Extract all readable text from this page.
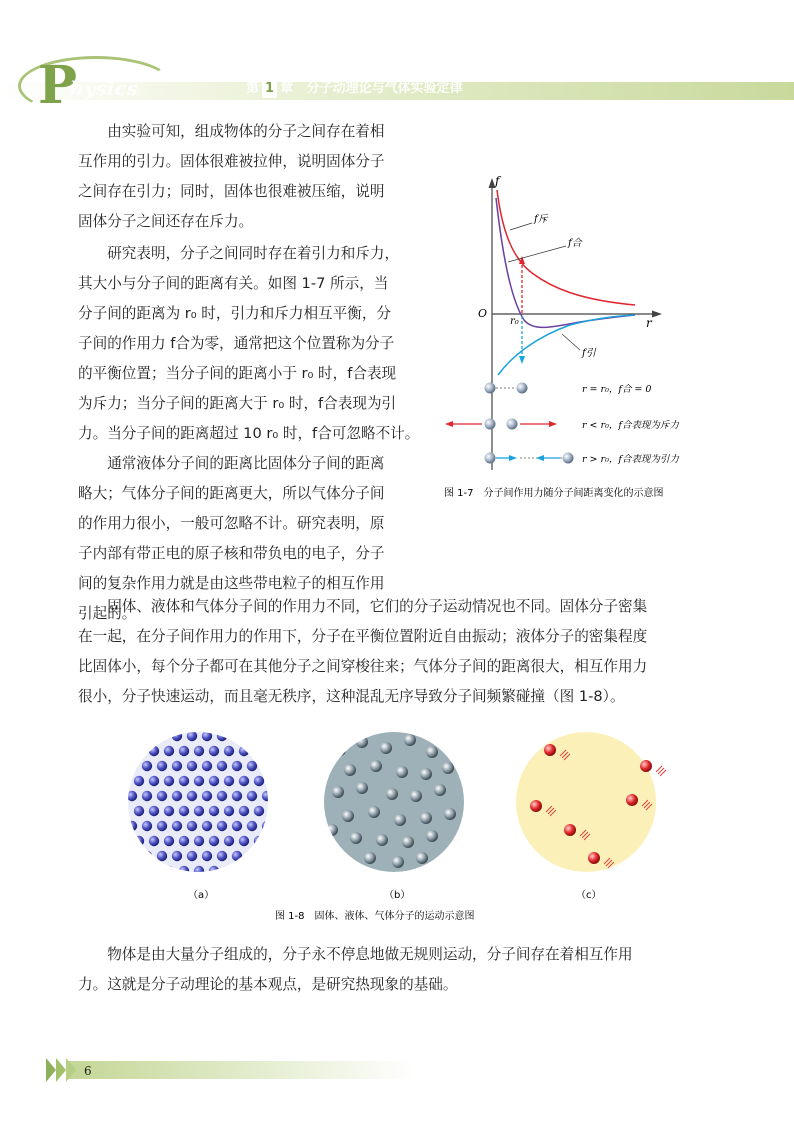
P
hysics	第 1 章 分子动理论与气体实验定律

由实验可知，组成物体的分子之间存在着相
互作用的引力。固体很难被拉伸，说明固体分子
之间存在引力；同时，固体也很难被压缩，说明
固体分子之间还存在斥力。

研究表明，分子之间同时存在着引力和斥力，
其大小与分子间的距离有关。如图 1-7 所示，当
分子间的距离为 r₀ 时，引力和斥力相互平衡，分
子间的作用力 f合为零，通常把这个位置称为分子
的平衡位置；当分子间的距离小于 r₀ 时，f合表现
为斥力；当分子间的距离大于 r₀ 时，f合表现为引
力。当分子间的距离超过 10 r₀ 时，f合可忽略不计。

通常液体分子间的距离比固体分子间的距离
略大；气体分子间的距离更大，所以气体分子间
的作用力很小，一般可忽略不计。研究表明，原
子内部有带正电的原子核和带负电的电子，分子
间的复杂作用力就是由这些带电粒子的相互作用
引起的。

f
r
O
r₀
f斥
f合
f引
r = r₀，f合 = 0
r < r₀，f合表现为斥力
r > r₀，f合表现为引力
图 1-7　分子间作用力随分子间距离变化的示意图

固体、液体和气体分子间的作用力不同，它们的分子运动情况也不同。固体分子密集
在一起，在分子间作用力的作用下，分子在平衡位置附近自由振动；液体分子的密集程度
比固体小，每个分子都可在其他分子之间穿梭往来；气体分子间的距离很大，相互作用力
很小，分子快速运动，而且毫无秩序，这种混乱无序导致分子间频繁碰撞（图 1-8）。

（a）	（b）	（c）
图 1-8　固体、液体、气体分子的运动示意图

物体是由大量分子组成的，分子永不停息地做无规则运动，分子间存在着相互作用
力。这就是分子动理论的基本观点，是研究热现象的基础。

6
